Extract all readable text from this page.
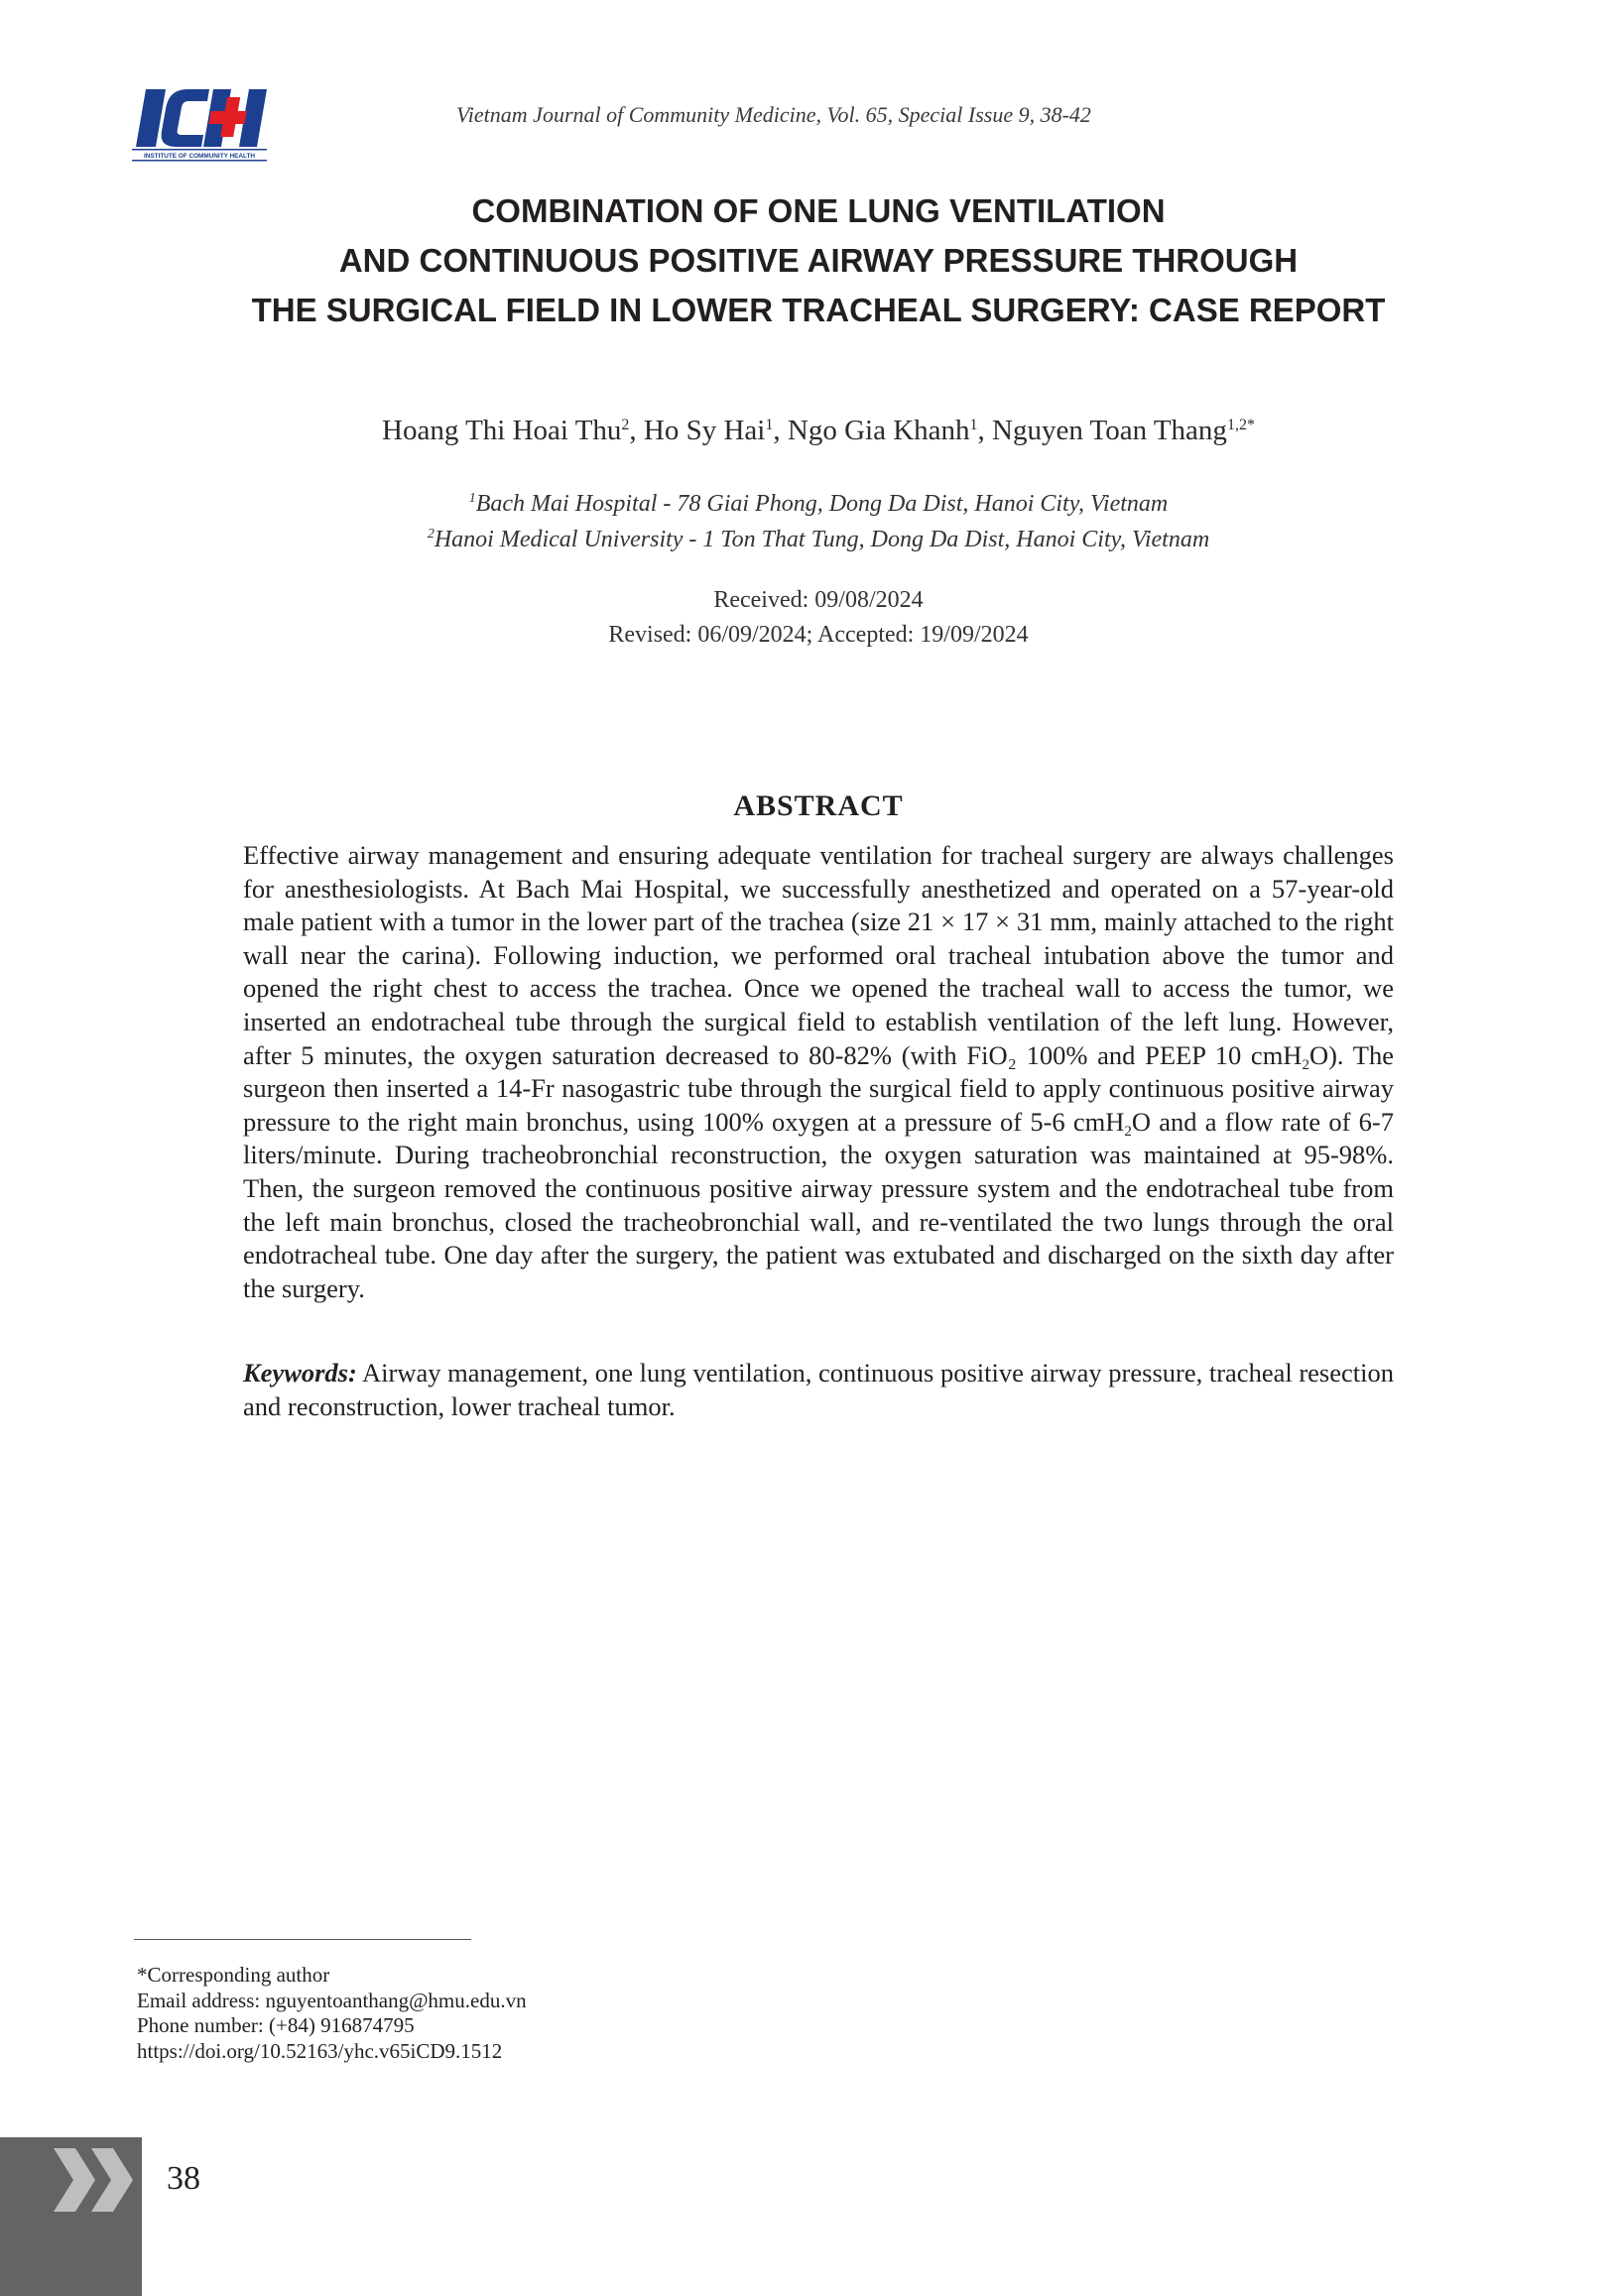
INSTITUTE OF COMMUNITY HEALTH
Vietnam Journal of Community Medicine, Vol. 65, Special Issue 9, 38-42
COMBINATION OF ONE LUNG VENTILATION
AND CONTINUOUS POSITIVE AIRWAY PRESSURE THROUGH
THE SURGICAL FIELD IN LOWER TRACHEAL SURGERY: CASE REPORT
Hoang Thi Hoai Thu$^2$, Ho Sy Hai$^1$, Ngo Gia Khanh$^1$, Nguyen Toan Thang$^{1,2*}$
$^1$Bach Mai Hospital - 78 Giai Phong, Dong Da Dist, Hanoi City, Vietnam
$^2$Hanoi Medical University - 1 Ton That Tung, Dong Da Dist, Hanoi City, Vietnam
Received: 09/08/2024
Revised: 06/09/2024; Accepted: 19/09/2024
ABSTRACT
Effective airway management and ensuring adequate ventilation for tracheal surgery are always challenges for anesthesiologists. At Bach Mai Hospital, we successfully anesthetized and operated on a 57-year-old male patient with a tumor in the lower part of the trachea (size 21 × 17 × 31 mm, mainly attached to the right wall near the carina). Following induction, we performed oral tracheal intubation above the tumor and opened the right chest to access the trachea. Once we opened the tracheal wall to access the tumor, we inserted an endotracheal tube through the surgical field to establish ventilation of the left lung. However, after 5 minutes, the oxygen saturation decreased to 80-82% (with FiO₂ 100% and PEEP 10 cmH$_2$O). The surgeon then inserted a 14-Fr nasogastric tube through the surgical field to apply continuous positive airway pressure to the right main bronchus, using 100% oxygen at a pressure of 5-6 cmH$_2$O and a flow rate of 6-7 liters/minute. During tracheobronchial reconstruction, the oxygen saturation was maintained at 95-98%. Then, the surgeon removed the continuous positive airway pressure system and the endotracheal tube from the left main bronchus, closed the tracheobronchial wall, and re-ventilated the two lungs through the oral endotracheal tube. One day after the surgery, the patient was extubated and discharged on the sixth day after the surgery.
Keywords: Airway management, one lung ventilation, continuous positive airway pressure, tracheal resection and reconstruction, lower tracheal tumor.
*Corresponding author
Email address: nguyentoanthang@hmu.edu.vn
Phone number: (+84) 916874795
https://doi.org/10.52163/yhc.v65iCD9.1512
38
